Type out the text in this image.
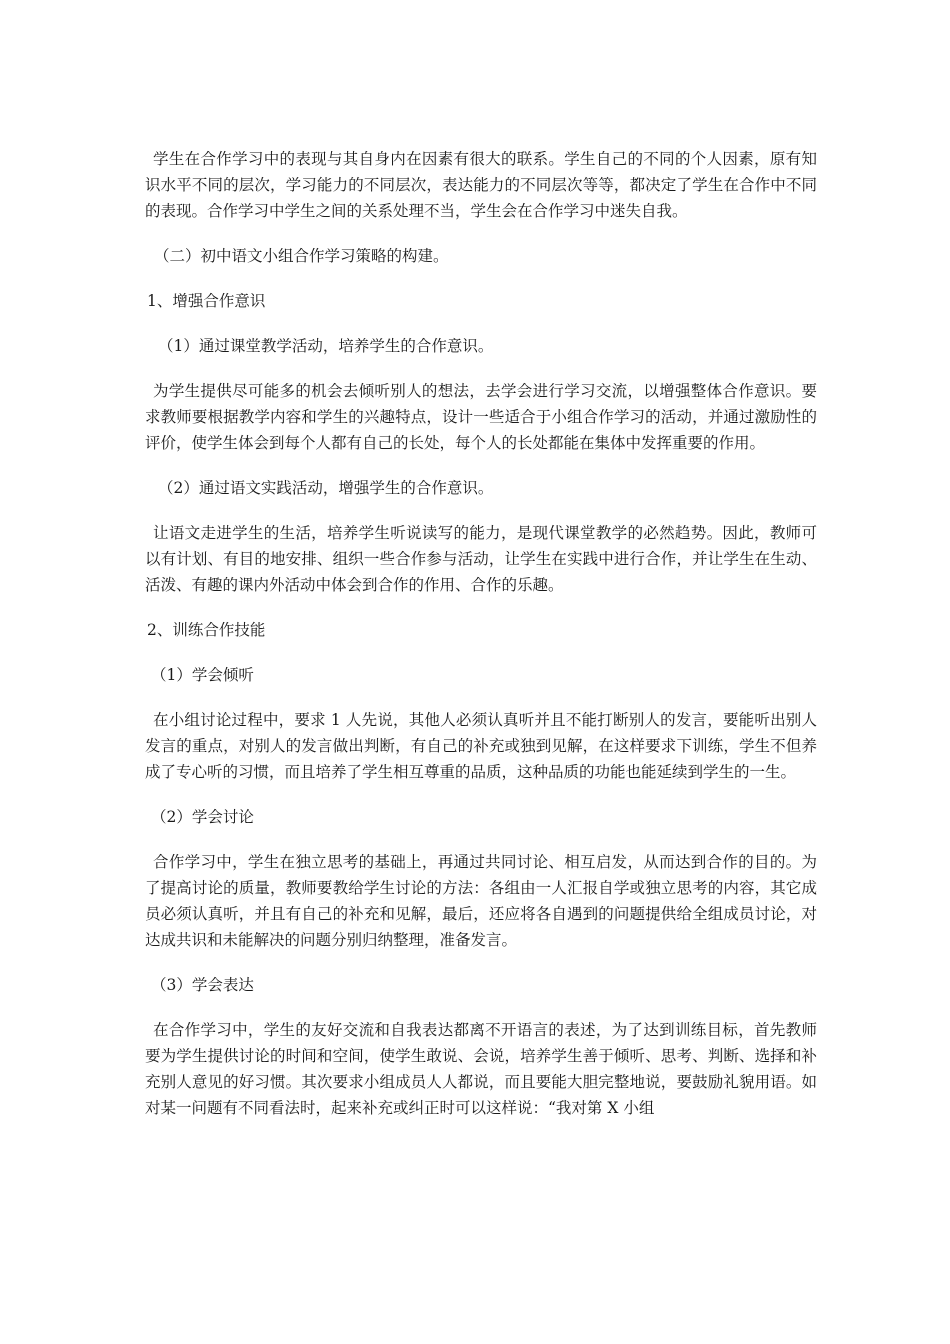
学生在合作学习中的表现与其自身内在因素有很大的联系。学生自己的不同的个人因素，原有知识水平不同的层次，学习能力的不同层次，表达能力的不同层次等等，都决定了学生在合作中不同的表现。合作学习中学生之间的关系处理不当，学生会在合作学习中迷失自我。

（二）初中语文小组合作学习策略的构建。

1、增强合作意识

（1）通过课堂教学活动，培养学生的合作意识。

为学生提供尽可能多的机会去倾听别人的想法，去学会进行学习交流，以增强整体合作意识。要求教师要根据教学内容和学生的兴趣特点，设计一些适合于小组合作学习的活动，并通过激励性的评价，使学生体会到每个人都有自己的长处，每个人的长处都能在集体中发挥重要的作用。

（2）通过语文实践活动，增强学生的合作意识。

让语文走进学生的生活，培养学生听说读写的能力，是现代课堂教学的必然趋势。因此，教师可以有计划、有目的地安排、组织一些合作参与活动，让学生在实践中进行合作，并让学生在生动、活泼、有趣的课内外活动中体会到合作的作用、合作的乐趣。

2、训练合作技能

（1）学会倾听

在小组讨论过程中，要求 1 人先说，其他人必须认真听并且不能打断别人的发言，要能听出别人发言的重点，对别人的发言做出判断，有自己的补充或独到见解，在这样要求下训练，学生不但养成了专心听的习惯，而且培养了学生相互尊重的品质，这种品质的功能也能延续到学生的一生。

（2）学会讨论

合作学习中，学生在独立思考的基础上，再通过共同讨论、相互启发，从而达到合作的目的。为了提高讨论的质量，教师要教给学生讨论的方法：各组由一人汇报自学或独立思考的内容，其它成员必须认真听，并且有自己的补充和见解，最后，还应将各自遇到的问题提供给全组成员讨论，对达成共识和未能解决的问题分别归纳整理，准备发言。

（3）学会表达

在合作学习中，学生的友好交流和自我表达都离不开语言的表述，为了达到训练目标，首先教师要为学生提供讨论的时间和空间，使学生敢说、会说，培养学生善于倾听、思考、判断、选择和补充别人意见的好习惯。其次要求小组成员人人都说，而且要能大胆完整地说，要鼓励礼貌用语。如对某一问题有不同看法时，起来补充或纠正时可以这样说：“我对第 X 小组
